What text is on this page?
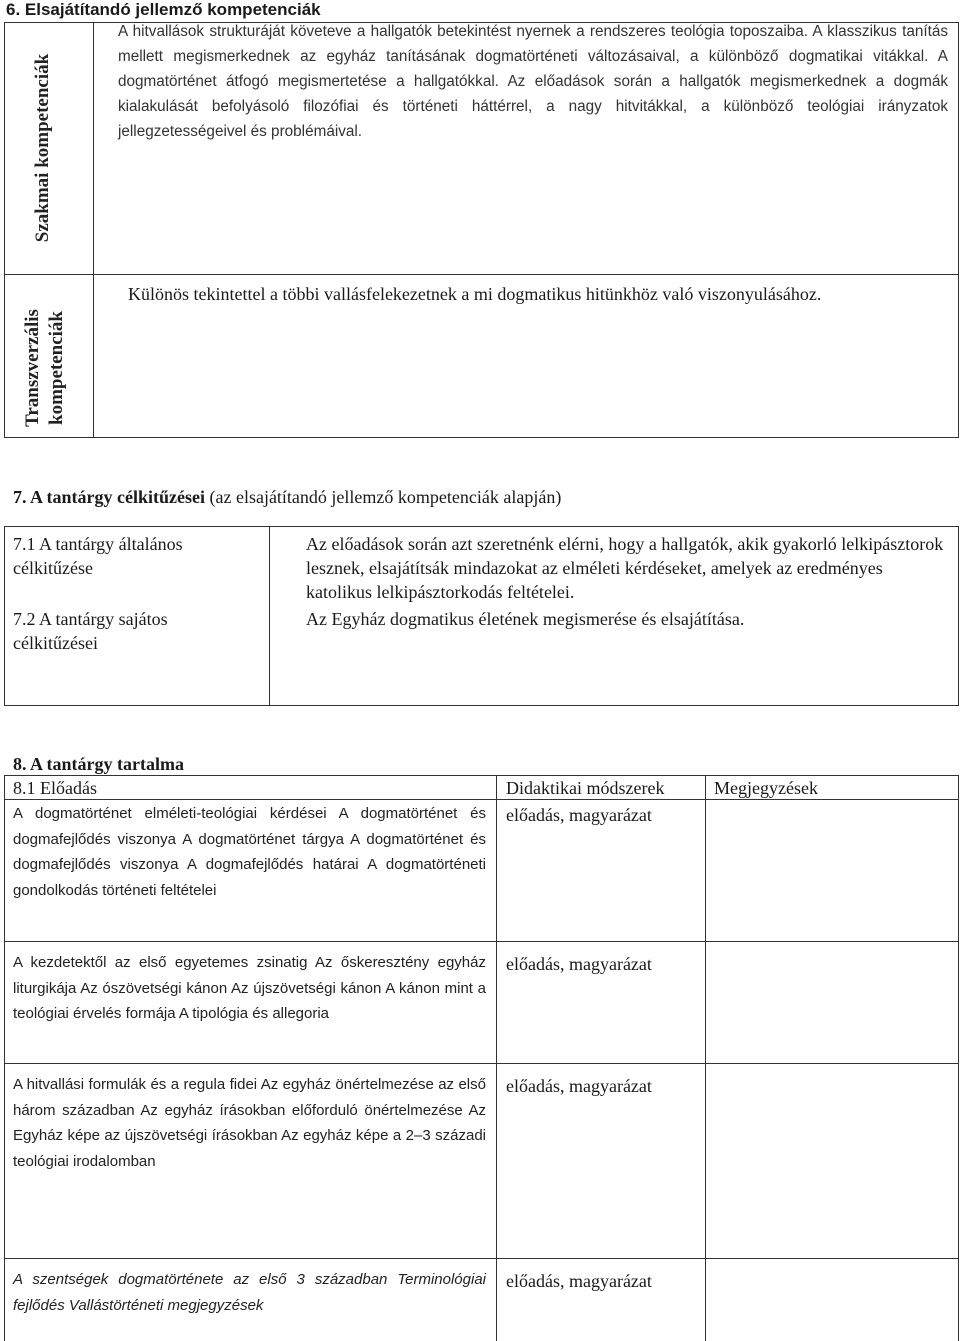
6. Elsajátítandó jellemző kompetenciák
Szakmai kompetenciák
Transzverzális kompetenciák
A hitvallások strukturáját követeve a hallgatók betekintést nyernek a rendszeres teológia toposzaiba. A klasszikus tanítás mellett megismerkednek az egyház tanításának dogmatörténeti változásaival, a különböző dogmatikai vitákkal. A dogmatörténet átfogó megismertetése a hallgatókkal. Az előadások során a hallgatók megismerkednek a dogmák kialakulását befolyásoló filozófiai és történeti háttérrel, a nagy hitvitákkal, a különböző teológiai irányzatok jellegzetességeivel és problémáival.
Különös tekintettel a többi vallásfelekezetnek a mi dogmatikus hitünkhöz való viszonyulásához.
7. A tantárgy célkitűzései (az elsajátítandó jellemző kompetenciák alapján)
7.1 A tantárgy általános célkitűzése
7.2 A tantárgy sajátos célkitűzései
Az előadások során azt szeretnénk elérni, hogy a hallgatók, akik gyakorló lelkipásztorok lesznek, elsajátítsák mindazokat az elméleti kérdéseket, amelyek az eredményes katolikus lelkipásztorkodás feltételei.
Az Egyház dogmatikus életének megismerése és elsajátítása.
8. A tantárgy tartalma
8.1 Előadás	Didaktikai módszerek	Megjegyzések
A dogmatörténet elméleti-teológiai kérdései A dogmatörténet és dogmafejlődés viszonya A dogmatörténet tárgya A dogmatörténet és dogmafejlődés viszonya A dogmafejlődés határai A dogmatörténeti gondolkodás történeti feltételei
előadás, magyarázat
A kezdetektől az első egyetemes zsinatig Az őskeresztény egyház liturgikája Az ószövetségi kánon Az újszövetségi kánon A kánon mint a teológiai érvelés formája A tipológia és allegoria
előadás, magyarázat
A hitvallási formulák és a regula fidei Az egyház önértelmezése az első három században Az egyház írásokban előforduló önértelmezése Az Egyház képe az újszövetségi írásokban Az egyház képe a 2–3 századi teológiai irodalomban
előadás, magyarázat
A szentségek dogmatörténete az első 3 században Terminológiai fejlődés Vallástörténeti megjegyzések
előadás, magyarázat
